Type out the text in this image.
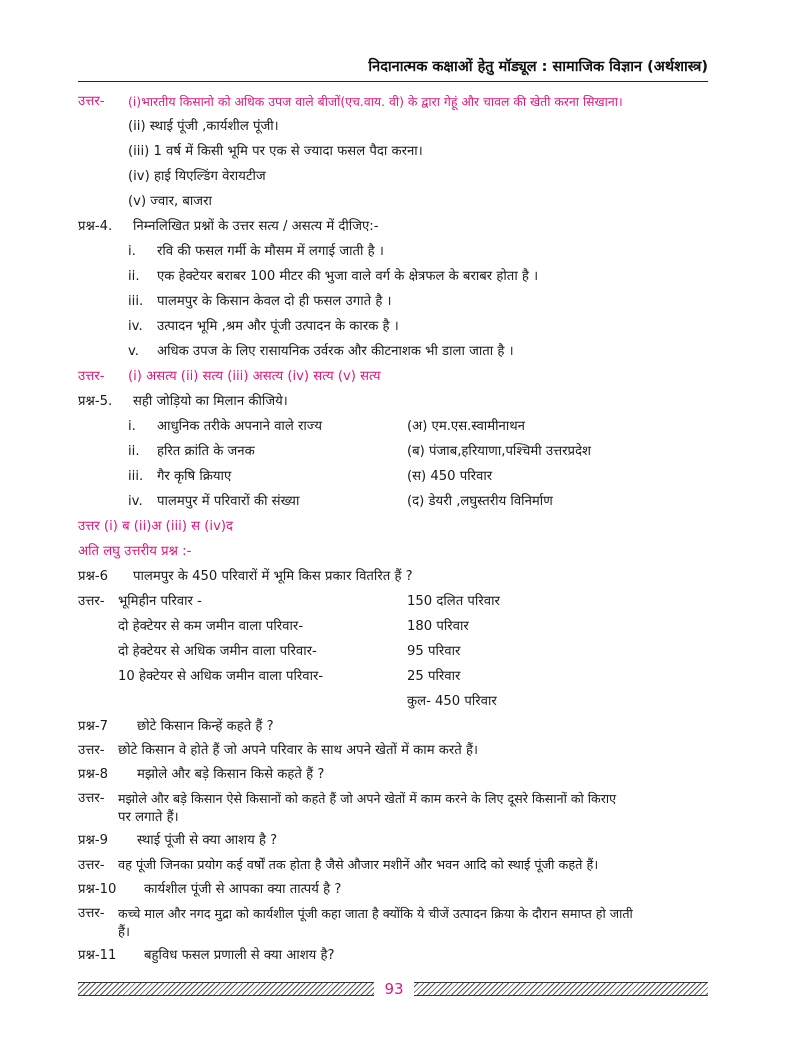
निदानात्मक कक्षाओं हेतु मॉड्यूल : सामाजिक विज्ञान (अर्थशास्त्र)
उत्तर- (i)भारतीय किसानो को अधिक उपज वाले बीजों(एच.वाय. वी) के द्वारा गेहूं और चावल की खेती करना सिखाना।
(ii) स्थाई पूंजी ,कार्यशील पूंजी।
(iii) 1 वर्ष में किसी भूमि पर एक से ज्यादा फसल पैदा करना।
(iv) हाई यिएल्डिंग वेरायटीज
(v) ज्वार, बाजरा
प्रश्न-4. निम्नलिखित प्रश्नों के उत्तर सत्य / असत्य में दीजिए:-
i. रवि की फसल गर्मी के मौसम में लगाई जाती है ।
ii. एक हेक्टेयर बराबर 100 मीटर की भुजा वाले वर्ग के क्षेत्रफल के बराबर होता है ।
iii. पालमपुर के किसान केवल दो ही फसल उगाते है ।
iv. उत्पादन भूमि ,श्रम और पूंजी उत्पादन के कारक है ।
v. अधिक उपज के लिए रासायनिक उर्वरक और कीटनाशक भी डाला जाता है ।
उत्तर- (i) असत्य (ii) सत्य (iii) असत्य (iv) सत्य (v) सत्य
प्रश्न-5. सही जोड़ियो का मिलान कीजिये।
i. आधुनिक तरीके अपनाने वाले राज्य	(अ) एम.एस.स्वामीनाथन
ii. हरित क्रांति के जनक	(ब) पंजाब,हरियाणा,पश्चिमी उत्तरप्रदेश
iii. गैर कृषि क्रियाए	(स) 450 परिवार
iv. पालमपुर में परिवारों की संख्या	(द) डेयरी ,लघुस्तरीय विनिर्माण
उत्तर (i) ब (ii)अ (iii) स (iv)द
अति लघु उत्तरीय प्रश्न :-
प्रश्न-6 पालमपुर के 450 परिवारों में भूमि किस प्रकार वितरित हैं ?
उत्तर- भूमिहीन परिवार -	150 दलित परिवार
दो हेक्टेयर से कम जमीन वाला परिवार-	180 परिवार
दो हेक्टेयर से अधिक जमीन वाला परिवार-	95 परिवार
10 हेक्टेयर से अधिक जमीन वाला परिवार-	25 परिवार
कुल- 450 परिवार
प्रश्न-7 छोटे किसान किन्हें कहते हैं ?
उत्तर- छोटे किसान वे होते हैं जो अपने परिवार के साथ अपने खेतों में काम करते हैं।
प्रश्न-8 मझोले और बड़े किसान किसे कहते हैं ?
उत्तर- मझोले और बड़े किसान ऐसे किसानों को कहते हैं जो अपने खेतों में काम करने के लिए दूसरे किसानों को किराए
पर लगाते हैं।
प्रश्न-9 स्थाई पूंजी से क्या आशय है ?
उत्तर- वह पूंजी जिनका प्रयोग कई वर्षों तक होता है जैसे औजार मशीनें और भवन आदि को स्थाई पूंजी कहते हैं।
प्रश्न-10 कार्यशील पूंजी से आपका क्या तात्पर्य है ?
उत्तर- कच्चे माल और नगद मुद्रा को कार्यशील पूंजी कहा जाता है क्योंकि ये चीजें उत्पादन क्रिया के दौरान समाप्त हो जाती
हैं।
प्रश्न-11 बहुविध फसल प्रणाली से क्या आशय है?
93
